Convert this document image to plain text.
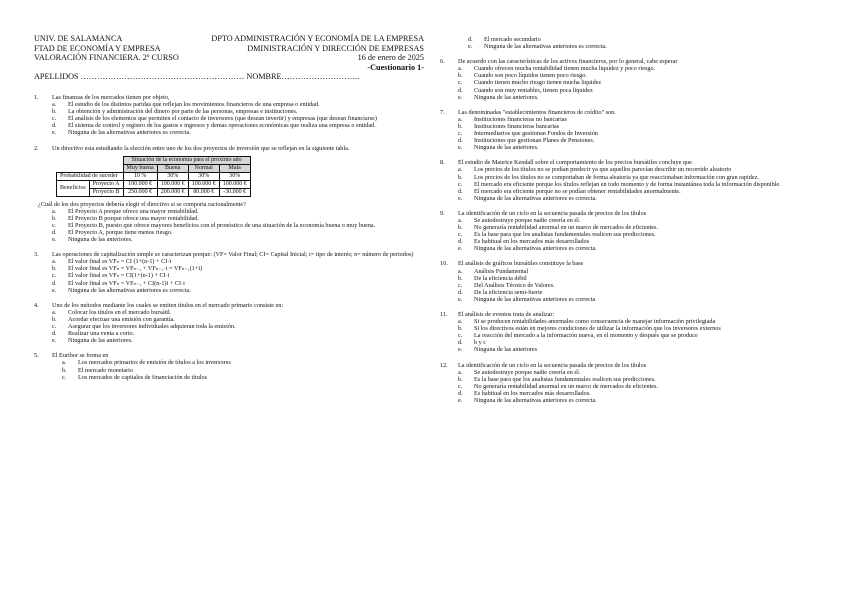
UNIV. DE SALAMANCA	DPTO ADMINISTRACIÓN Y ECONOMÍA DE LA EMPRESA
FTAD DE ECONOMÍA Y EMPRESA	DMINISTRACIÓN Y DIRECCIÓN DE EMPRESAS
VALORACIÓN FINANCIERA. 2º CURSO	16 de enero de 2025
-Cuestionario 1-
APELLIDOS …………………………………………………… NOMBRE………………………..
1.	Las finanzas de los mercados tienen por objeto,
a.	El estudio de los distintos paridas que reflejan los movimientos financieros de una empresa o entidad.
b.	La obtención y administración del dinero por parte de las personas, empresas e instituciones.
c.	El análisis de los elementos que permiten el contacto de inversores (que desean invertir) y empresas (que desean financiarse)
d.	El sistema de control y registro de los gastos e ingresos y demas operaciones económicas que realiza una empresa o entidad.
e.	Ninguna de las alternativas anteriores es correcta.
2.	Un directivo esta estudiando la elección entre uno de los dos proyectos de inversión que se reflejan en la siguiente tabla.
		Situación de la economía para el próximo año			
		Muy buena	Buena	Normal	Mala
Probabilidad de suceder		10 %	30%	30%	30%
Beneficios	Proyecto A	100.000 €	100.000 €	100.000 €	100.000 €
	Proyecto B	250.000 €	200.000 €	80.000 €	-30.000 €
¿Cuál de los dos proyectos debería elegir el directivo si se comporta racionalmente?
a.	El Proyecto A porque ofrece una mayor rentabilidad.
b.	El Proyecto B porque ofrece una mayor rentabilidad.
c.	El Proyecto B, puesto que ofrece mayores beneficios con el pronóstico de una situación de la economía buena o muy buena.
d.	El Proyecto A, porque tiene menos riesgo.
e.	Ninguna de las anteriores.
3.	Las operaciones de capitalización simple se caracterizan porque: (VF= Valor Final; CI= Capital Inicial; i= tipo de interés; n= número de periodos)
a.	El valor final es VFₙ = CI (1+(n-1) + CI·i
b.	El valor final es VFₙ = VFₙ₋₁ + VFₙ₋₁·i = VFₙ₋₁(1+i)
c.	El valor final es VFₙ = CI(1+(n-1) + CI·i
d.	El valor final es VFₙ = VFₙ₋₁ + CI(n-1)i + CI·i
e.	Ninguna de las alternativas anteriores es correcta.
4.	Uno de los métodos mediante los cuales se emiten títulos en el mercado primario consiste en:
a.	Colocar los títulos en el mercado bursátil.
b.	Acordar efectuar una emisión con garantía.
c.	Asegurar que los inversores individuales adquieran toda la emisión.
d.	Realizar una venta a corto.
e.	Ninguna de las anteriores.
5.	El Euribor se forma en
a.	Los mercados primarios de emisión de títulos a los inversores
b.	El mercado monetario
c.	Los mercados de capitales de financiación de títulos
d.	El mercado secundario
e.	Ninguna de las alternativas anteriores es correcta.
6.	De acuerdo con las características de los activos financieros, por lo general, cabe esperar
a.	Cuando ofrecen mucha rentabilidad tienen mucha liquidez y poco riesgo.
b.	Cuando son poco líquidos tienen poco riesgo.
c.	Cuando tienen mucho riesgo tienen mucha liquidez
d.	Cuando son muy rentables, tienen poca liquidez
e.	Ninguna de las anteriores.
7.	Las denominadas "establecimientos financieros de crédito" son.
a.	Instituciones financieras no bancarias
b.	Instituciones financieras bancarias
c.	Intermediarios que gestionan Fondos de Inversión
d.	Instituciones que gestionan Planes de Pensiones.
e.	Ninguna de las anteriores.
8.	El estudio de Maurice Kendall sobre el comportamiento de los precios bursátiles concluye que
a.	Los precios de los títulos no se podían predecir ya que aquellos parecían describir un recorrido aleatorio
b.	Los precios de los títulos no se comportaban de forma aleatoria ya que reaccionaban información con gran rapidez.
c.	El mercado era eficiente porque los títulos reflejan en todo momento y de forma instantánea toda la información disponible.
d.	El mercado era eficiente porque no se podían obtener rentabilidades anormalmente.
e.	Ninguna de las alternativas anteriores es correcta.
9.	La identificación de un ciclo en la secuencia pasada de precios de los títulos
a.	Se autodestruye porque nadie creería en él.
b.	No generaría rentabilidad anormal en un marco de mercados de eficientes.
c.	Es la base para que los analistas fundamentales realicen sus predicciones.
d.	Es habitual en los mercados más desarrollados
e.	Ninguna de las alternativas anteriores es correcta.
10.	El análisis de gráficos bursátiles constituye la base
a.	Análisis Fundamental
b.	De la eficiencia débil
c.	Del Análisis Técnico de Valores.
d.	De la eficiencia semi-fuerte
e.	Ninguna de las alternativas anteriores es correcta
11.	El análisis de eventos trata de analizar:
a.	Si se producen rentabilidades anormales como consecuencia de manejar información privilegiada
b.	Si los directivos están en mejores condiciones de utilizar la información que los inversores externos
c.	La reacción del mercado a la información nueva, en el momento y después que se produce
d.	b y c
e.	Ninguna de las anteriores
12.	La identificación de un ciclo en la secuencia pasada de precios de los títulos
a.	Se autodestruye porque nadie creería en él.
b.	Es la base para que los analistas fundamentales realicen sus predicciones.
c.	No generaría rentabilidad anormal en un marco de mercados de eficientes.
d.	Es habitual en los mercados más desarrollados.
e.	Ninguna de las alternativas anteriores es correcta.
